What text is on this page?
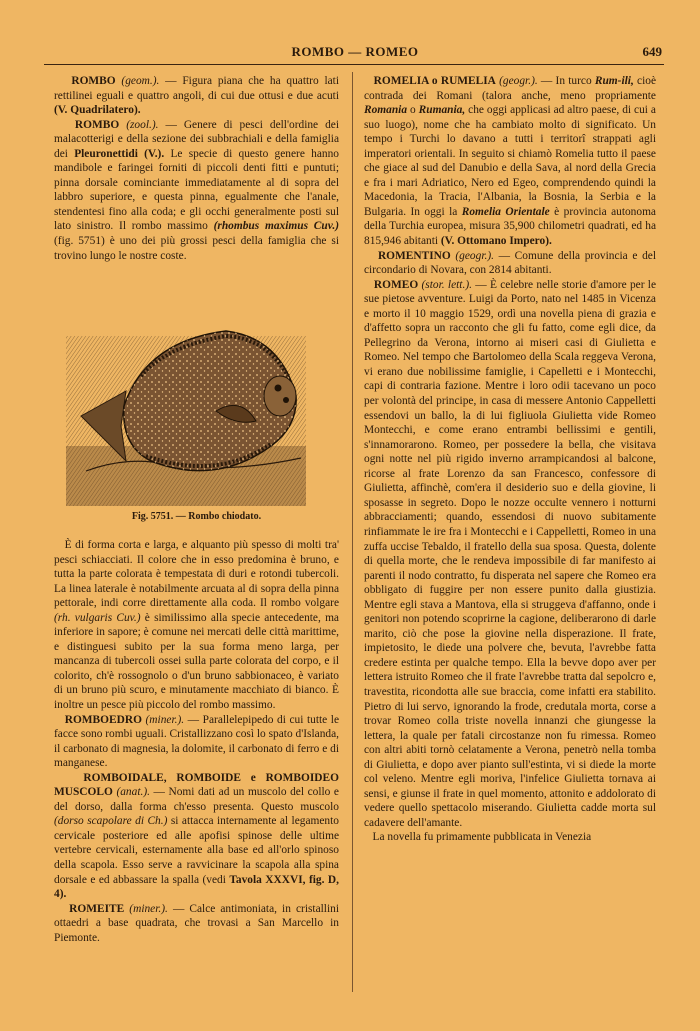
ROMBO — ROMEO	649

ROMBO (geom.). — Figura piana che ha quattro lati rettilinei eguali e quattro angoli, di cui due ottusi e due acuti (V. Quadrilatero).

ROMBO (zool.). — Genere di pesci dell'ordine dei malacotterigi e della sezione dei subbrachiali e della famiglia dei Pleuronettidi (V.). Le specie di questo genere hanno mandibole e faringei forniti di piccoli denti fitti e puntuti; pinna dorsale cominciante immediatamente al di sopra del labbro superiore, e questa pinna, egualmente che l'anale, stendentesi fino alla coda; e gli occhi generalmente posti sul lato sinistro. Il rombo massimo (rhombus maximus Cuv.) (fig. 5751) è uno dei più grossi pesci della famiglia che si trovino lungo le nostre coste.

Fig. 5751. — Rombo chiodato.

È di forma corta e larga, e alquanto più spesso di molti tra' pesci schiacciati. Il colore che in esso predomina è bruno, e tutta la parte colorata è tempestata di duri e rotondi tubercoli. La linea laterale è notabilmente arcuata al di sopra della pinna pettorale, indi corre direttamente alla coda. Il rombo volgare (rh. vulgaris Cuv.) è similissimo alla specie antecedente, ma inferiore in sapore; è comune nei mercati delle città marittime, e distinguesi subito per la sua forma meno larga, per mancanza di tubercoli ossei sulla parte colorata del corpo, e il colorito, ch'è rossognolo o d'un bruno sabbionaceo, è variato di un bruno più scuro, e minutamente macchiato di bianco. È inoltre un pesce più piccolo del rombo massimo.

ROMBOEDRO (miner.). — Parallelepipedo di cui tutte le facce sono rombi uguali. Cristallizzano così lo spato d'Islanda, il carbonato di magnesia, la dolomite, il carbonato di ferro e di manganese.

ROMBOIDALE, ROMBOIDE e ROMBOIDEO MUSCOLO (anat.). — Nomi dati ad un muscolo del collo e del dorso, dalla forma ch'esso presenta. Questo muscolo (dorso scapolare di Ch.) si attacca internamente al legamento cervicale posteriore ed alle apofisi spinose delle ultime vertebre cervicali, esternamente alla base ed all'orlo spinoso della scapola. Esso serve a ravvicinare la scapola alla spina dorsale e ed abbassare la spalla (vedi Tavola XXXVI, fig. D, 4).

ROMEITE (miner.). — Calce antimoniata, in cristallini ottaedri a base quadrata, che trovasi a San Marcello in Piemonte.

ROMELIA o RUMELIA (geogr.). — In turco Rum-ili, cioè contrada dei Romani (talora anche, meno propriamente Romania o Rumania, che oggi applicasi ad altro paese, di cui a suo luogo), nome che ha cambiato molto di significato. Un tempo i Turchi lo davano a tutti i territorî strappati agli imperatori orientali. In seguito si chiamò Romelia tutto il paese che giace al sud del Danubio e della Sava, al nord della Grecia e fra i mari Adriatico, Nero ed Egeo, comprendendo quindi la Macedonia, la Tracia, l'Albania, la Bosnia, la Serbia e la Bulgaria. In oggi la Romelia Orientale è provincia autonoma della Turchia europea, misura 35,900 chilometri quadrati, ed ha 815,946 abitanti (V. Ottomano Impero).

ROMENTINO (geogr.). — Comune della provincia e del circondario di Novara, con 2814 abitanti.

ROMEO (stor. lett.). — È celebre nelle storie d'amore per le sue pietose avventure. Luigi da Porto, nato nel 1485 in Vicenza e morto il 10 maggio 1529, ordì una novella piena di grazia e d'affetto sopra un racconto che gli fu fatto, come egli dice, da Pellegrino da Verona, intorno ai miseri casi di Giulietta e Romeo. Nel tempo che Bartolomeo della Scala reggeva Verona, vi erano due nobilissime famiglie, i Capelletti e i Montecchi, capi di contraria fazione. Mentre i loro odii tacevano un poco per volontà del principe, in casa di messere Antonio Cappelletti essendovi un ballo, la di lui figliuola Giulietta vide Romeo Montecchi, e come erano entrambi bellissimi e gentili, s'innamorarono. Romeo, per possedere la bella, che visitava ogni notte nel più rigido inverno arrampicandosi al balcone, ricorse al frate Lorenzo da san Francesco, confessore di Giulietta, affinchè, com'era il desiderio suo e della giovine, li sposasse in segreto. Dopo le nozze occulte vennero i notturni abbracciamenti; quando, essendosi di nuovo subitamente rinfiammate le ire fra i Montecchi e i Cappelletti, Romeo in una zuffa uccise Tebaldo, il fratello della sua sposa. Questa, dolente di quella morte, che le rendeva impossibile di far manifesto ai parenti il nodo contratto, fu disperata nel sapere che Romeo era obbligato di fuggire per non essere punito dalla giustizia. Mentre egli stava a Mantova, ella si struggeva d'affanno, onde i genitori non potendo scoprirne la cagione, deliberarono di darle marito, ciò che pose la giovine nella disperazione. Il frate, impietosito, le diede una polvere che, bevuta, l'avrebbe fatta credere estinta per qualche tempo. Ella la bevve dopo aver per lettera istruito Romeo che il frate l'avrebbe tratta dal sepolcro e, travestita, ricondotta alle sue braccia, come infatti era stabilito. Pietro di lui servo, ignorando la frode, credutala morta, corse a trovar Romeo colla triste novella innanzi che giungesse la lettera, la quale per fatali circostanze non fu rimessa. Romeo con altri abiti tornò celatamente a Verona, penetrò nella tomba di Giulietta, e dopo aver pianto sull'estinta, vi si diede la morte col veleno. Mentre egli moriva, l'infelice Giulietta tornava ai sensi, e giunse il frate in quel momento, attonito e addolorato di vedere quello spettacolo miserando. Giulietta cadde morta sul cadavere dell'amante.

La novella fu primamente pubblicata in Venezia
